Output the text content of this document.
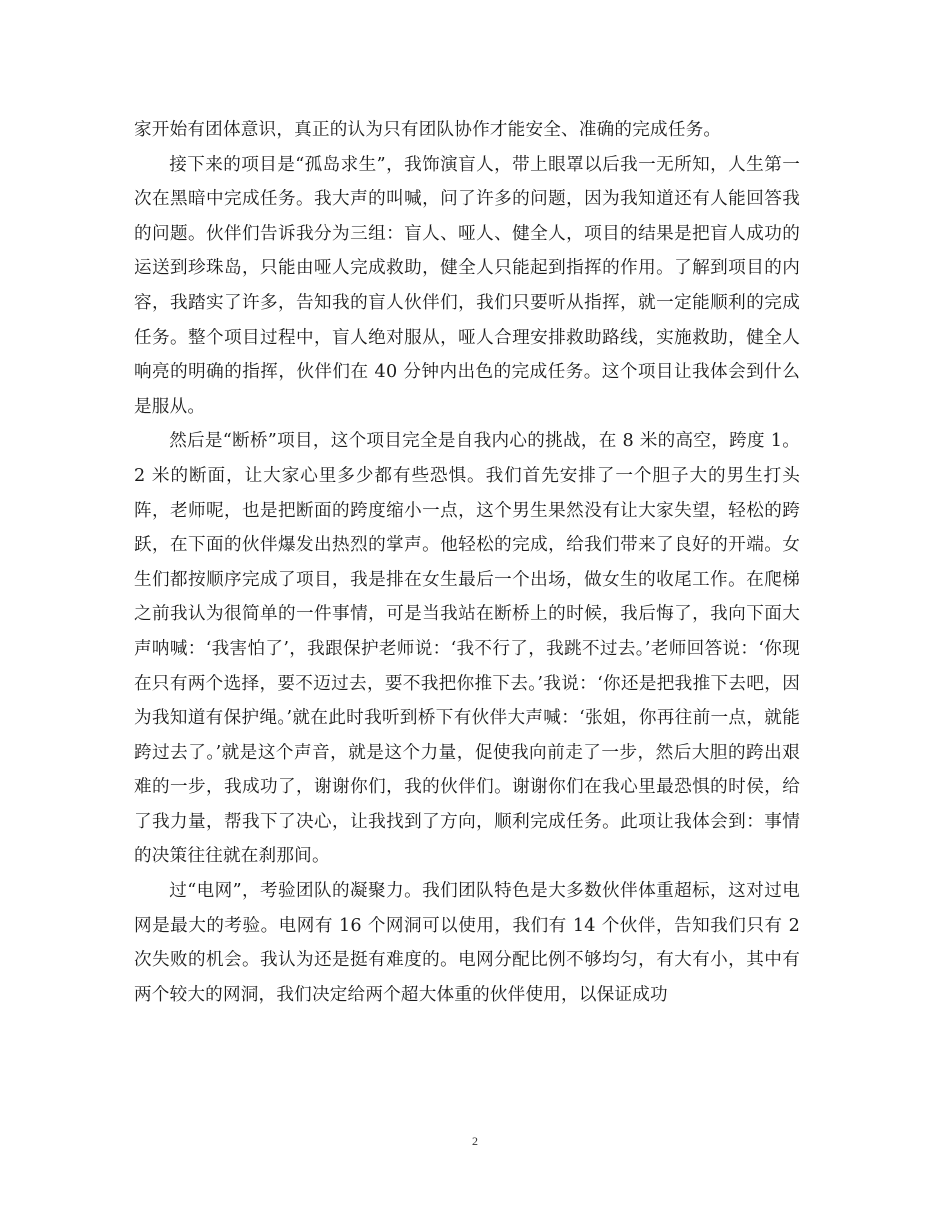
家开始有团体意识，真正的认为只有团队协作才能安全、准确的完成任务。

接下来的项目是“孤岛求生”，我饰演盲人，带上眼罩以后我一无所知，人生第一次在黑暗中完成任务。我大声的叫喊，问了许多的问题，因为我知道还有人能回答我的问题。伙伴们告诉我分为三组：盲人、哑人、健全人，项目的结果是把盲人成功的运送到珍珠岛，只能由哑人完成救助，健全人只能起到指挥的作用。了解到项目的内容，我踏实了许多，告知我的盲人伙伴们，我们只要听从指挥，就一定能顺利的完成任务。整个项目过程中，盲人绝对服从，哑人合理安排救助路线，实施救助，健全人响亮的明确的指挥，伙伴们在 40 分钟内出色的完成任务。这个项目让我体会到什么是服从。

然后是“断桥”项目，这个项目完全是自我内心的挑战，在 8 米的高空，跨度 1。2 米的断面，让大家心里多少都有些恐惧。我们首先安排了一个胆子大的男生打头阵，老师呢，也是把断面的跨度缩小一点，这个男生果然没有让大家失望，轻松的跨跃，在下面的伙伴爆发出热烈的掌声。他轻松的完成，给我们带来了良好的开端。女生们都按顺序完成了项目，我是排在女生最后一个出场，做女生的收尾工作。在爬梯之前我认为很简单的一件事情，可是当我站在断桥上的时候，我后悔了，我向下面大声呐喊：‘我害怕了’，我跟保护老师说：‘我不行了，我跳不过去。’老师回答说：‘你现在只有两个选择，要不迈过去，要不我把你推下去。’我说：‘你还是把我推下去吧，因为我知道有保护绳。’就在此时我听到桥下有伙伴大声喊：‘张姐，你再往前一点，就能跨过去了。’就是这个声音，就是这个力量，促使我向前走了一步，然后大胆的跨出艰难的一步，我成功了，谢谢你们，我的伙伴们。谢谢你们在我心里最恐惧的时侯，给了我力量，帮我下了决心，让我找到了方向，顺利完成任务。此项让我体会到：事情的决策往往就在刹那间。

过“电网”，考验团队的凝聚力。我们团队特色是大多数伙伴体重超标，这对过电网是最大的考验。电网有 16 个网洞可以使用，我们有 14 个伙伴，告知我们只有 2 次失败的机会。我认为还是挺有难度的。电网分配比例不够均匀，有大有小，其中有两个较大的网洞，我们决定给两个超大体重的伙伴使用，以保证成功

2
